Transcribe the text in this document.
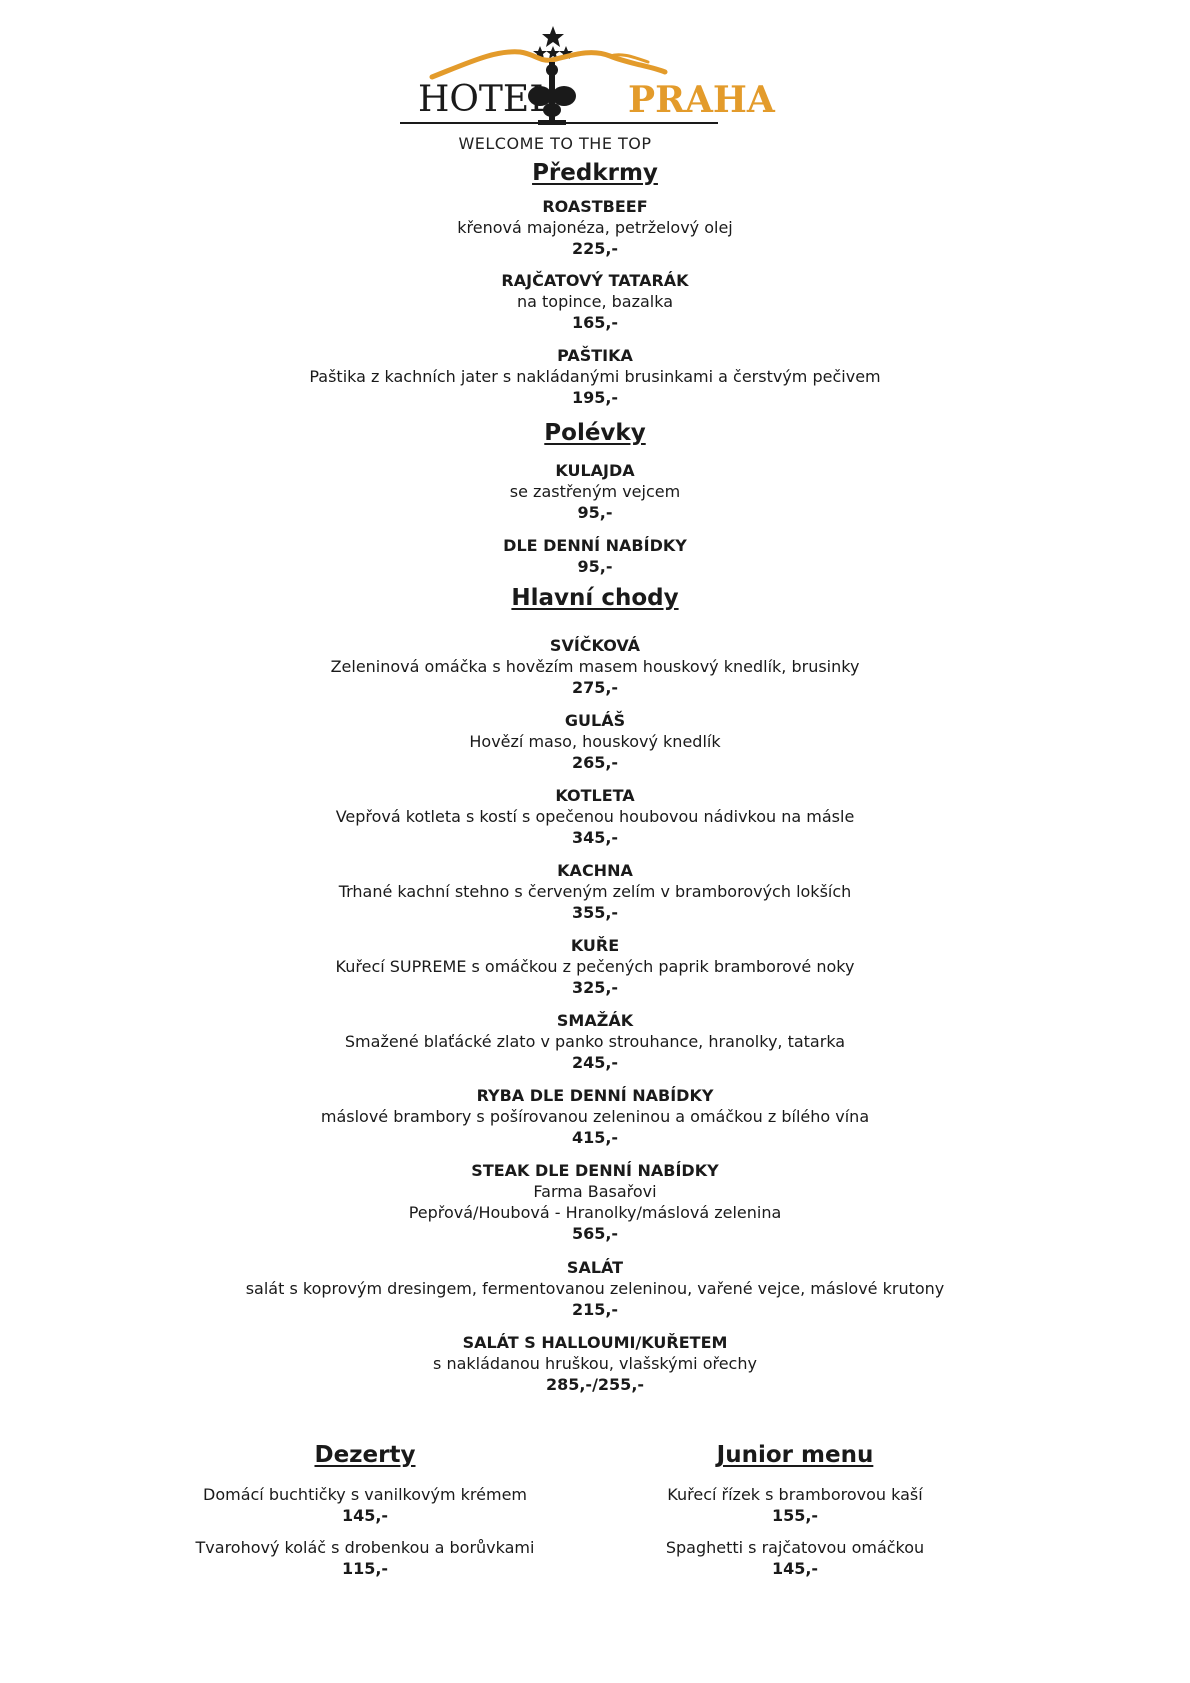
HOTEL PRAHA
WELCOME TO THE TOP
Předkrmy
ROASTBEEF
křenová majonéza, petrželový olej
225,-
RAJČATOVÝ TATARÁK
na topince, bazalka
165,-
PAŠTIKA
Paštika z kachních jater s nakládanými brusinkami a čerstvým pečivem
195,-
Polévky
KULAJDA
se zastřeným vejcem
95,-
DLE DENNÍ NABÍDKY
95,-
Hlavní chody
SVÍČKOVÁ
Zeleninová omáčka s hovězím masem houskový knedlík, brusinky
275,-
GULÁŠ
Hovězí maso, houskový knedlík
265,-
KOTLETA
Vepřová kotleta s kostí s opečenou houbovou nádivkou na másle
345,-
KACHNA
Trhané kachní stehno s červeným zelím v bramborových lokších
355,-
KUŘE
Kuřecí SUPREME s omáčkou z pečených paprik bramborové noky
325,-
SMAŽÁK
Smažené blaťácké zlato v panko strouhance, hranolky, tatarka
245,-
RYBA DLE DENNÍ NABÍDKY
máslové brambory s pošírovanou zeleninou a omáčkou z bílého vína
415,-
STEAK DLE DENNÍ NABÍDKY
Farma Basařovi
Pepřová/Houbová - Hranolky/máslová zelenina
565,-
SALÁT
salát s koprovým dresingem, fermentovanou zeleninou, vařené vejce, máslové krutony
215,-
SALÁT S HALLOUMI/KUŘETEM
s nakládanou hruškou, vlašskými ořechy
285,-/255,-
Dezerty
Domácí buchtičky s vanilkovým krémem
145,-
Tvarohový koláč s drobenkou a borůvkami
115,-
Junior menu
Kuřecí řízek s bramborovou kaší
155,-
Spaghetti s rajčatovou omáčkou
145,-
